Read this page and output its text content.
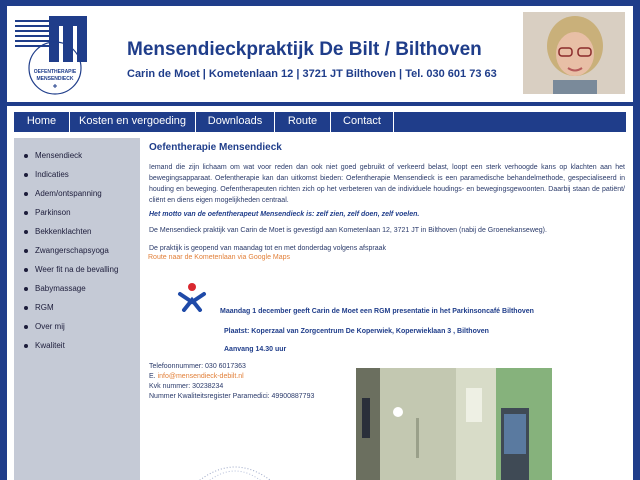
OEFENTHERAPIE
MENSENDIECK
Mensendieckpraktijk De Bilt / Bilthoven
Carin de Moet | Kometenlaan 12 | 3721 JT Bilthoven | Tel. 030 601 73 63
Home	Kosten en vergoeding	Downloads	Route	Contact
Mensendieck
Indicaties
Adem/ontspanning
Parkinson
Bekkenklachten
Zwangerschapsyoga
Weer fit na de bevalling
Babymassage
RGM
Over mij
Kwaliteit
Oefentherapie Mensendieck
Iemand die zijn lichaam om wat voor reden dan ook niet goed gebruikt of verkeerd belast, loopt een sterk verhoogde kans op klachten aan het bewegingsapparaat. Oefentherapie kan dan uitkomst bieden: Oefentherapie Mensendieck is een paramedische behandelmethode, gespecialiseerd in houding en beweging. Oefentherapeuten richten zich op het verbeteren van de individuele houdings- en bewegingsgewoonten. Daarbij staan de patiënt/ cliënt en diens eigen mogelijkheden centraal.
Het motto van de oefentherapeut Mensendieck is: zelf zien, zelf doen, zelf voelen.
De Mensendieck praktijk van Carin de Moet is gevestigd aan Kometenlaan 12, 3721 JT in Bilthoven (nabij de Groenekanseweg).
De praktijk is geopend van maandag tot en met donderdag volgens afspraak
Route naar de Kometenlaan via Google Maps
Maandag 1 december geeft Carin de Moet een RGM presentatie in het Parkinsoncafé Bilthoven
Plaatst: Koperzaal van Zorgcentrum De Koperwiek, Koperwieklaan 3 , Bilthoven
Aanvang 14.30 uur
Telefoonnummer: 030 6017363
E. info@mensendieck-debilt.nl
Kvk nummer: 30238234
Nummer Kwaliteitsregister Paramedici: 49900887793
